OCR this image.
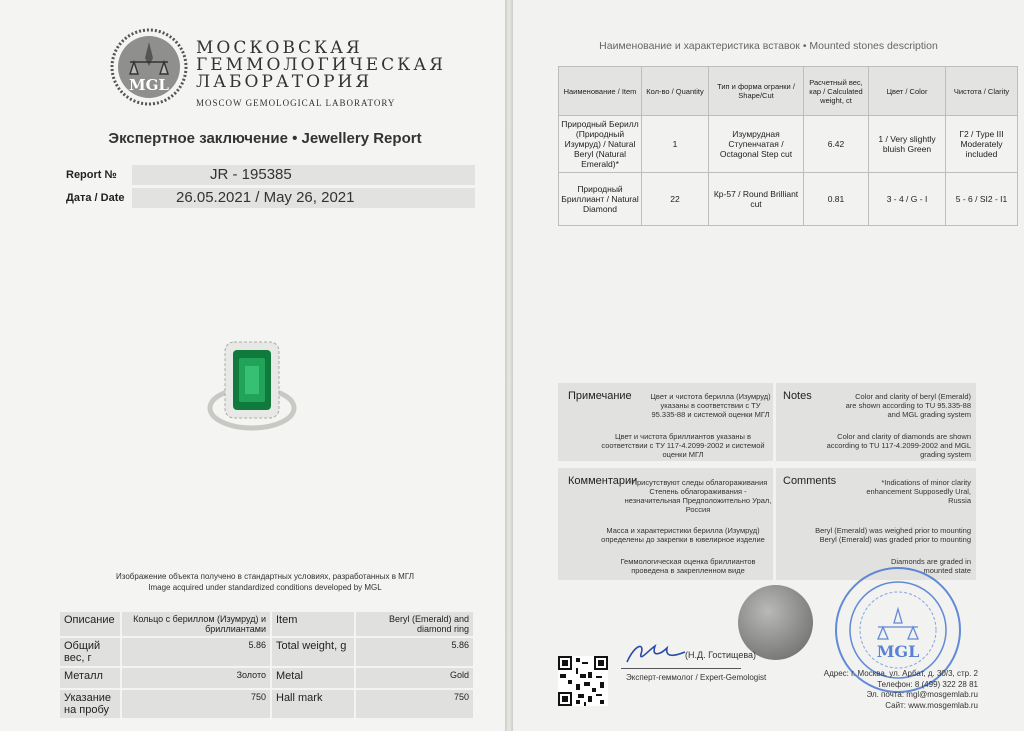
MGL
МОСКОВСКАЯ
ГЕММОЛОГИЧЕСКАЯ
ЛАБОРАТОРИЯ
MOSCOW GEMOLOGICAL LABORATORY
Экспертное заключение • Jewellery Report
Report №	JR - 195385
Дата / Date	26.05.2021 / May 26, 2021
Изображение объекта получено в стандартных условиях, разработанных в МГЛ
Image acquired under standardized conditions developed by MGL
Описание	Кольцо с бериллом (Изумруд) и бриллиантами	Item	Beryl (Emerald) and diamond ring
Общий вес, г	5.86	Total weight, g	5.86
Металл	Золото	Metal	Gold
Указание на пробу	750	Hall mark	750
Наименование и характеристика вставок • Mounted stones description
Наименование / Item	Кол-во / Quantity	Тип и форма огранки / Shape/Cut	Расчетный вес, кар / Calculated weight, ct	Цвет / Color	Чистота / Clarity
Природный Берилл (Природный Изумруд) / Natural Beryl (Natural Emerald)*	1	Изумрудная Ступенчатая / Octagonal Step cut	6.42	1 / Very slightly bluish Green	Г2 / Type III Moderately included
Природный Бриллиант / Natural Diamond	22	Кр-57 / Round Brilliant cut	0.81	3 - 4 / G - I	5 - 6 / SI2 - I1
Примечание	Notes
Цвет и чистота берилла (Изумруд) указаны в соответствии с ТУ 95.335-88 и системой оценки МГЛ
Color and clarity of beryl (Emerald) are shown according to TU 95.335-88 and MGL grading system
Цвет и чистота бриллиантов указаны в соответствии с ТУ 117-4.2099-2002 и системой оценки МГЛ
Color and clarity of diamonds are shown according to TU 117-4.2099-2002 and MGL grading system
Комментарии	Comments
*Присутствуют следы облагораживания Степень облагораживания - незначительная Предположительно Урал, Россия
*Indications of minor clarity enhancement Supposedly Ural, Russia
Масса и характеристики берилла (Изумруд) определены до закрепки в ювелирное изделие
Beryl (Emerald) was weighed prior to mounting Beryl (Emerald) was graded prior to mounting
Геммологическая оценка бриллиантов проведена в закрепленном виде
Diamonds are graded in mounted state
MGL
(Н.Д. Гостищева)
Эксперт-геммолог / Expert-Gemologist	Адрес: г. Москва, ул. Арбат, д. 30/3, стр. 2
Телефон: 8 (499) 322 28 81
Эл. почта: mgl@mosgemlab.ru
Сайт: www.mosgemlab.ru
